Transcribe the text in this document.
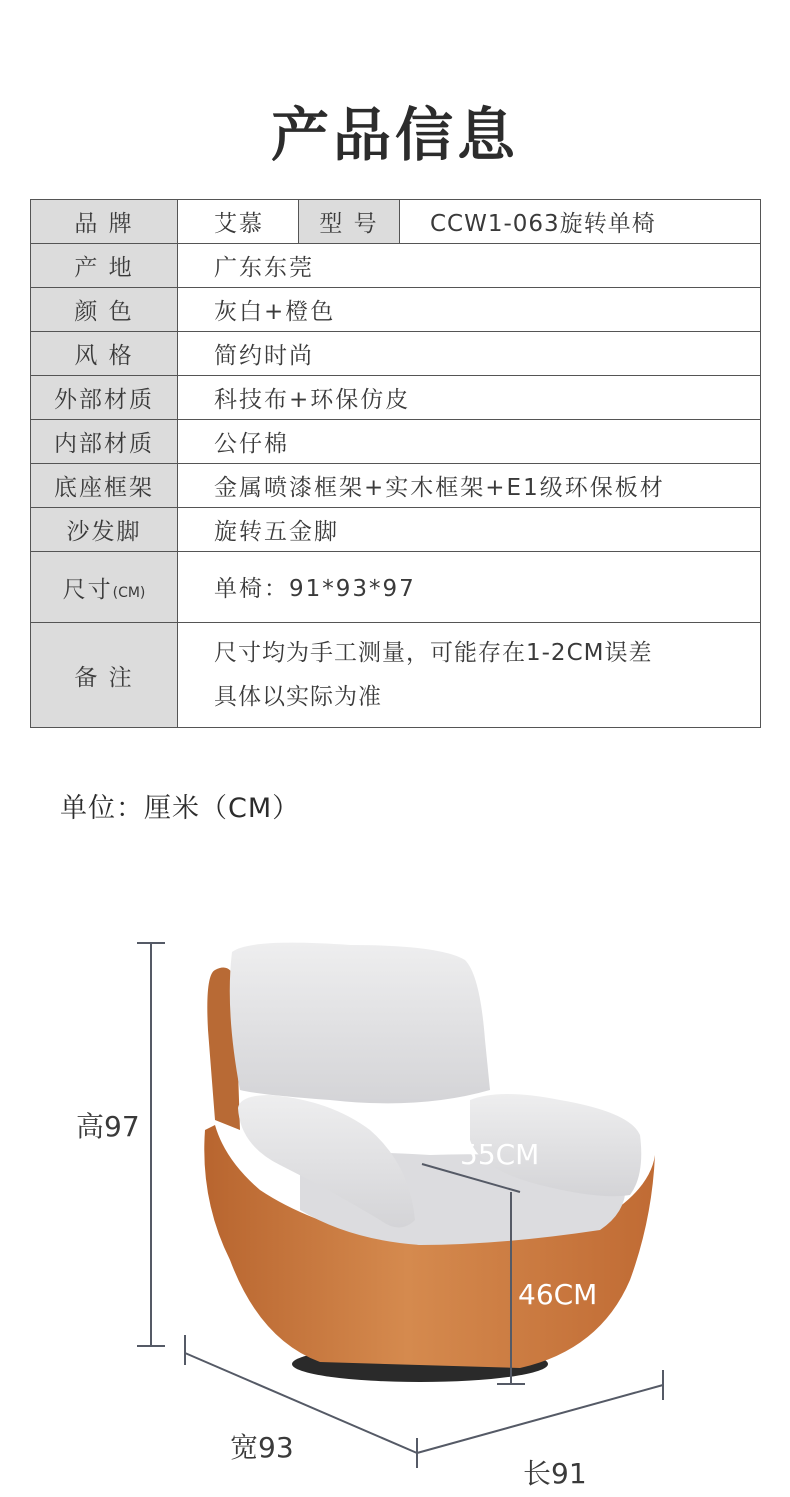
产品信息
品 牌	艾慕	型 号	CCW1-063旋转单椅
产 地	广东东莞		
颜 色	灰白+橙色		
风 格	简约时尚		
外部材质	科技布+环保仿皮		
内部材质	公仔棉		
底座框架	金属喷漆框架+实木框架+E1级环保板材		
沙发脚	旋转五金脚		
尺寸(CM)	单椅：91*93*97		
备 注	尺寸均为手工测量，可能存在1-2CM误差
具体以实际为准		
单位：厘米（CM）
高97
55CM
46CM
宽93
长91
